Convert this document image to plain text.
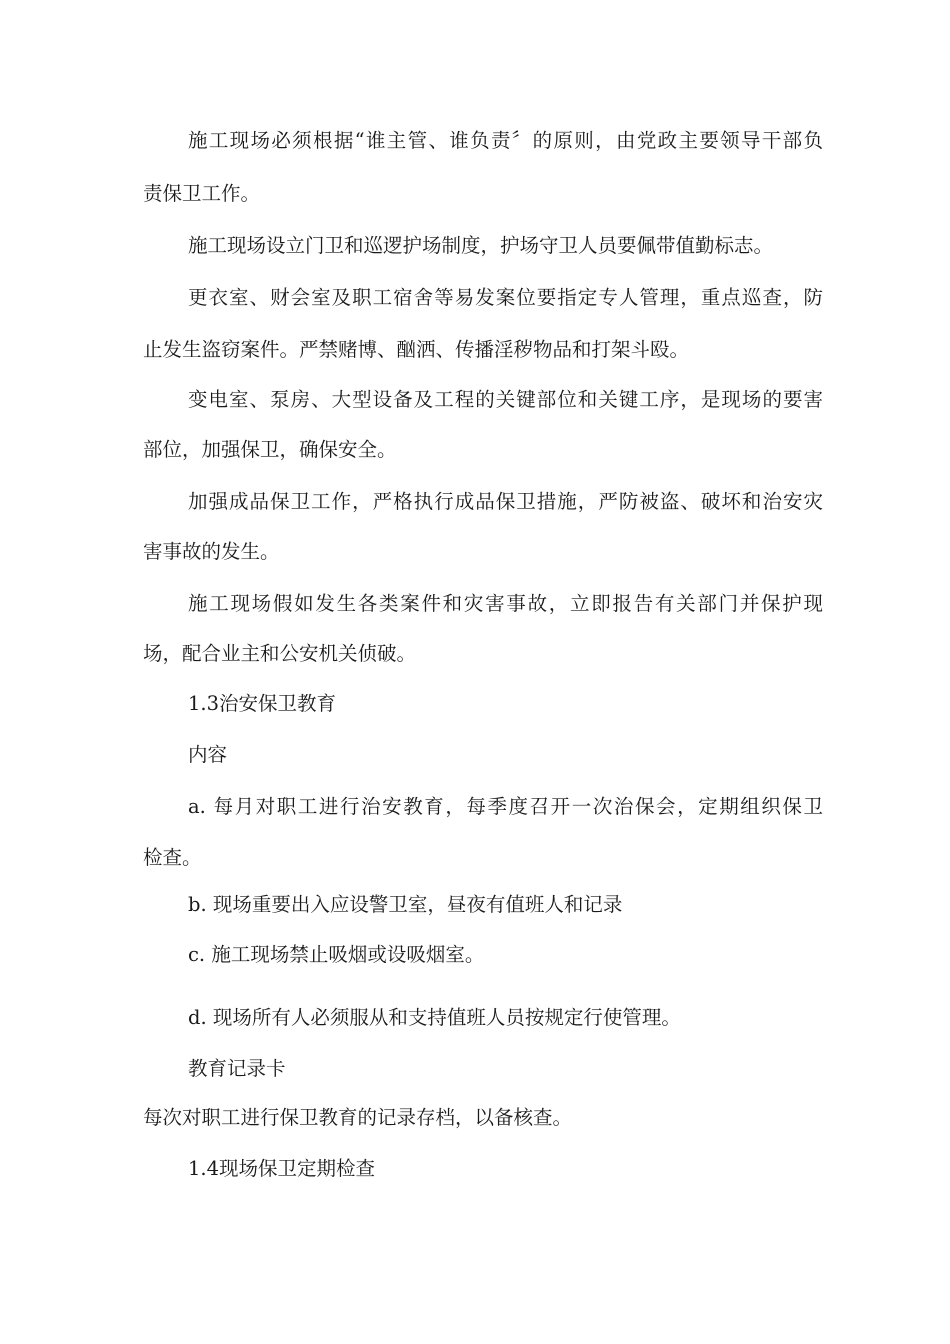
施工现场必须根据“谁主管、谁负责〞的原则，由党政主要领导干部负
责保卫工作。
施工现场设立门卫和巡逻护场制度，护场守卫人员要佩带值勤标志。
更衣室、财会室及职工宿舍等易发案位要指定专人管理，重点巡查，防
止发生盗窃案件。严禁赌博、酗洒、传播淫秽物品和打架斗殴。
变电室、泵房、大型设备及工程的关键部位和关键工序，是现场的要害
部位，加强保卫，确保安全。
加强成品保卫工作，严格执行成品保卫措施，严防被盗、破坏和治安灾
害事故的发生。
施工现场假如发生各类案件和灾害事故，立即报告有关部门并保护现
场，配合业主和公安机关侦破。
1.3治安保卫教育
内容
a. 每月对职工进行治安教育，每季度召开一次治保会，定期组织保卫
检查。
b. 现场重要出入应设警卫室，昼夜有值班人和记录
c. 施工现场禁止吸烟或设吸烟室。
d. 现场所有人必须服从和支持值班人员按规定行使管理。
教育记录卡
每次对职工进行保卫教育的记录存档，以备核查。
1.4现场保卫定期检查
